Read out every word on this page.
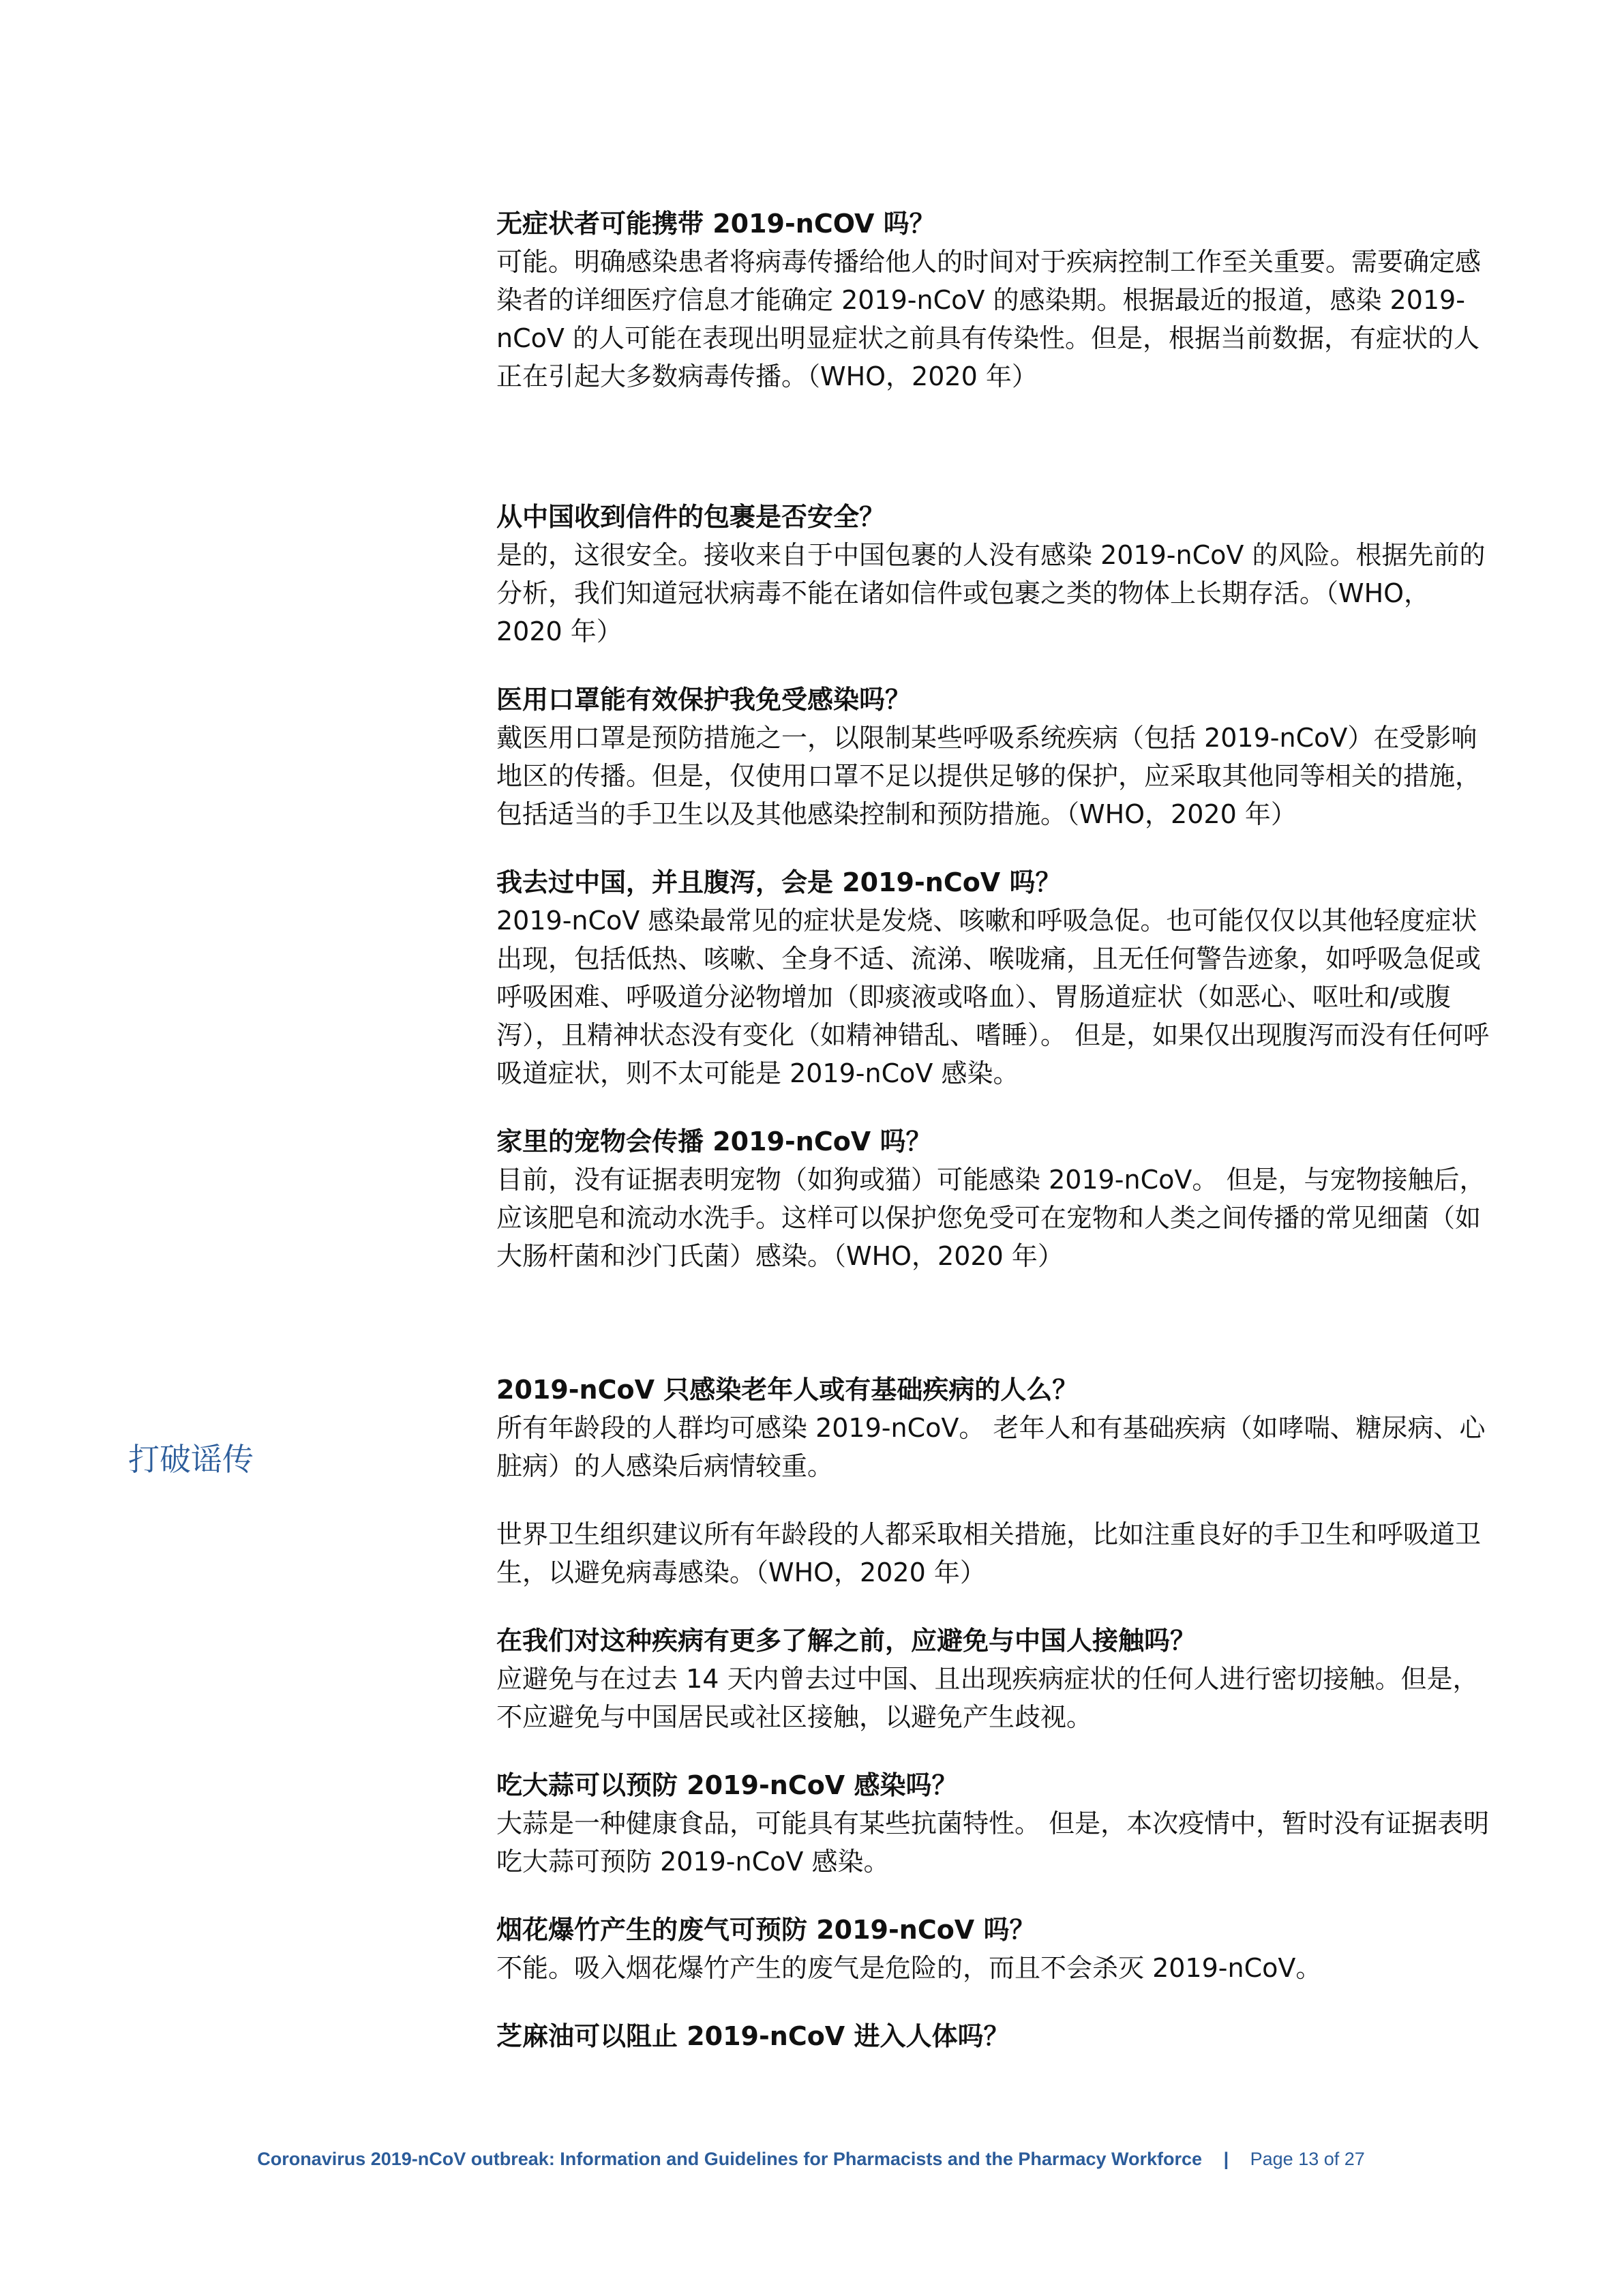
无症状者可能携带 2019-nCOV 吗？

可能。明确感染患者将病毒传播给他人的时间对于疾病控制工作至关重要。需要确定感染者的详细医疗信息才能确定 2019-nCoV 的感染期。根据最近的报道，感染 2019-nCoV 的人可能在表现出明显症状之前具有传染性。但是，根据当前数据，有症状的人正在引起大多数病毒传播。（WHO，2020 年）

从中国收到信件的包裹是否安全？

是的，这很安全。接收来自于中国包裹的人没有感染 2019-nCoV 的风险。根据先前的分析，我们知道冠状病毒不能在诸如信件或包裹之类的物体上长期存活。（WHO，2020 年）

医用口罩能有效保护我免受感染吗？

戴医用口罩是预防措施之一，以限制某些呼吸系统疾病（包括 2019-nCoV）在受影响地区的传播。但是，仅使用口罩不足以提供足够的保护，应采取其他同等相关的措施，包括适当的手卫生以及其他感染控制和预防措施。（WHO，2020 年）

我去过中国，并且腹泻，会是 2019-nCoV 吗？

2019-nCoV 感染最常见的症状是发烧、咳嗽和呼吸急促。也可能仅仅以其他轻度症状出现，包括低热、咳嗽、全身不适、流涕、喉咙痛，且无任何警告迹象，如呼吸急促或呼吸困难、呼吸道分泌物增加（即痰液或咯血）、胃肠道症状（如恶心、呕吐和/或腹泻），且精神状态没有变化（如精神错乱、嗜睡）。 但是，如果仅出现腹泻而没有任何呼吸道症状，则不太可能是 2019-nCoV 感染。

家里的宠物会传播 2019-nCoV 吗？

目前，没有证据表明宠物（如狗或猫）可能感染 2019-nCoV。 但是，与宠物接触后，应该肥皂和流动水洗手。这样可以保护您免受可在宠物和人类之间传播的常见细菌（如大肠杆菌和沙门氏菌）感染。（WHO，2020 年）

2019-nCoV 只感染老年人或有基础疾病的人么？

所有年龄段的人群均可感染 2019-nCoV。 老年人和有基础疾病（如哮喘、糖尿病、心脏病）的人感染后病情较重。

世界卫生组织建议所有年龄段的人都采取相关措施，比如注重良好的手卫生和呼吸道卫生，以避免病毒感染。（WHO，2020 年）

在我们对这种疾病有更多了解之前，应避免与中国人接触吗？

应避免与在过去 14 天内曾去过中国、且出现疾病症状的任何人进行密切接触。但是，不应避免与中国居民或社区接触，以避免产生歧视。

吃大蒜可以预防 2019-nCoV 感染吗？

大蒜是一种健康食品，可能具有某些抗菌特性。 但是，本次疫情中，暂时没有证据表明吃大蒜可预防 2019-nCoV 感染。

烟花爆竹产生的废气可预防 2019-nCoV 吗？

不能。吸入烟花爆竹产生的废气是危险的，而且不会杀灭 2019-nCoV。

芝麻油可以阻止 2019-nCoV 进入人体吗？

打破谣传
Coronavirus 2019-nCoV outbreak: Information and Guidelines for Pharmacists and the Pharmacy Workforce | Page 13 of 27
